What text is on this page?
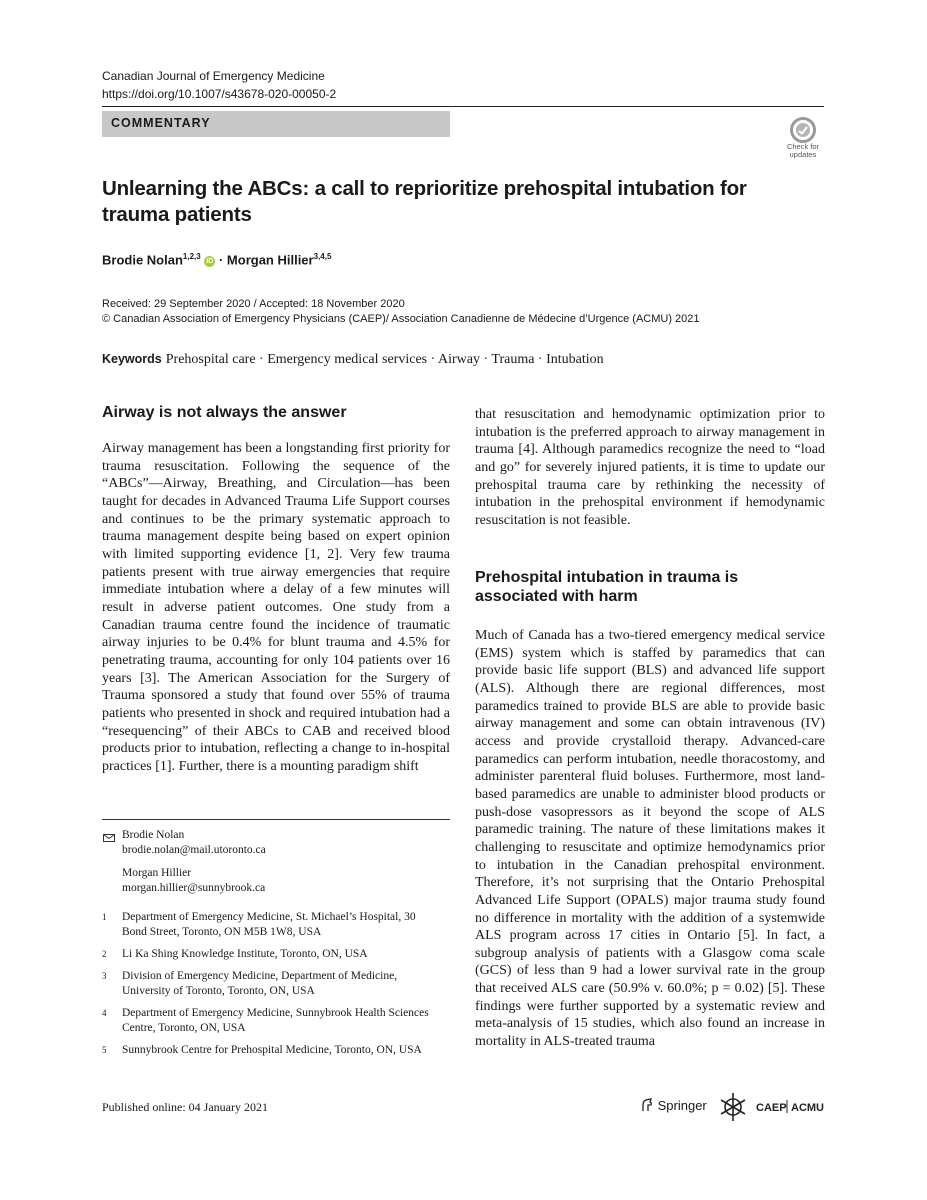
Canadian Journal of Emergency Medicine
https://doi.org/10.1007/s43678-020-00050-2
COMMENTARY
Check for
updates
Unlearning the ABCs: a call to reprioritize prehospital intubation for trauma patients
Brodie Nolan$^{1,2,3}$ iD · Morgan Hillier$^{3,4,5}$
Received: 29 September 2020 / Accepted: 18 November 2020
© Canadian Association of Emergency Physicians (CAEP)/ Association Canadienne de Médecine d’Urgence (ACMU) 2021
Keywords Prehospital care · Emergency medical services · Airway · Trauma · Intubation
Airway is not always the answer
Airway management has been a longstanding first priority for trauma resuscitation. Following the sequence of the “ABCs”—Airway, Breathing, and Circulation—has been taught for decades in Advanced Trauma Life Support courses and continues to be the primary systematic approach to trauma management despite being based on expert opinion with limited supporting evidence [1, 2]. Very few trauma patients present with true airway emergencies that require immediate intubation where a delay of a few minutes will result in adverse patient outcomes. One study from a Canadian trauma centre found the incidence of traumatic airway injuries to be 0.4% for blunt trauma and 4.5% for penetrating trauma, accounting for only 104 patients over 16 years [3]. The American Association for the Surgery of Trauma sponsored a study that found over 55% of trauma patients who presented in shock and required intubation had a “resequencing” of their ABCs to CAB and received blood products prior to intubation, reflecting a change to in-hospital practices [1]. Further, there is a mounting paradigm shift
that resuscitation and hemodynamic optimization prior to intubation is the preferred approach to airway management in trauma [4]. Although paramedics recognize the need to “load and go” for severely injured patients, it is time to update our prehospital trauma care by rethinking the necessity of intubation in the prehospital environment if hemodynamic resuscitation is not feasible.
Prehospital intubation in trauma is associated with harm
Much of Canada has a two-tiered emergency medical service (EMS) system which is staffed by paramedics that can provide basic life support (BLS) and advanced life support (ALS). Although there are regional differences, most paramedics trained to provide BLS are able to provide basic airway management and some can obtain intravenous (IV) access and provide crystalloid therapy. Advanced-care paramedics can perform intubation, needle thoracostomy, and administer parenteral fluid boluses. Furthermore, most land-based paramedics are unable to administer blood products or push-dose vasopressors as it beyond the scope of ALS paramedic training. The nature of these limitations makes it challenging to resuscitate and optimize hemodynamics prior to intubation in the Canadian prehospital environment. Therefore, it’s not surprising that the Ontario Prehospital Advanced Life Support (OPALS) major trauma study found no difference in mortality with the addition of a systemwide ALS program across 17 cities in Ontario [5]. In fact, a subgroup analysis of patients with a Glasgow coma scale (GCS) of less than 9 had a lower survival rate in the group that received ALS care (50.9% v. 60.0%; p = 0.02) [5]. These findings were further supported by a systematic review and meta-analysis of 15 studies, which also found an increase in mortality in ALS-treated trauma
Brodie Nolan
brodie.nolan@mail.utoronto.ca
Morgan Hillier
morgan.hillier@sunnybrook.ca
1 Department of Emergency Medicine, St. Michael’s Hospital, 30 Bond Street, Toronto, ON M5B 1W8, USA
2 Li Ka Shing Knowledge Institute, Toronto, ON, USA
3 Division of Emergency Medicine, Department of Medicine, University of Toronto, Toronto, ON, USA
4 Department of Emergency Medicine, Sunnybrook Health Sciences Centre, Toronto, ON, USA
5 Sunnybrook Centre for Prehospital Medicine, Toronto, ON, USA
Published online: 04 January 2021	Springer	CAEP ACMU
